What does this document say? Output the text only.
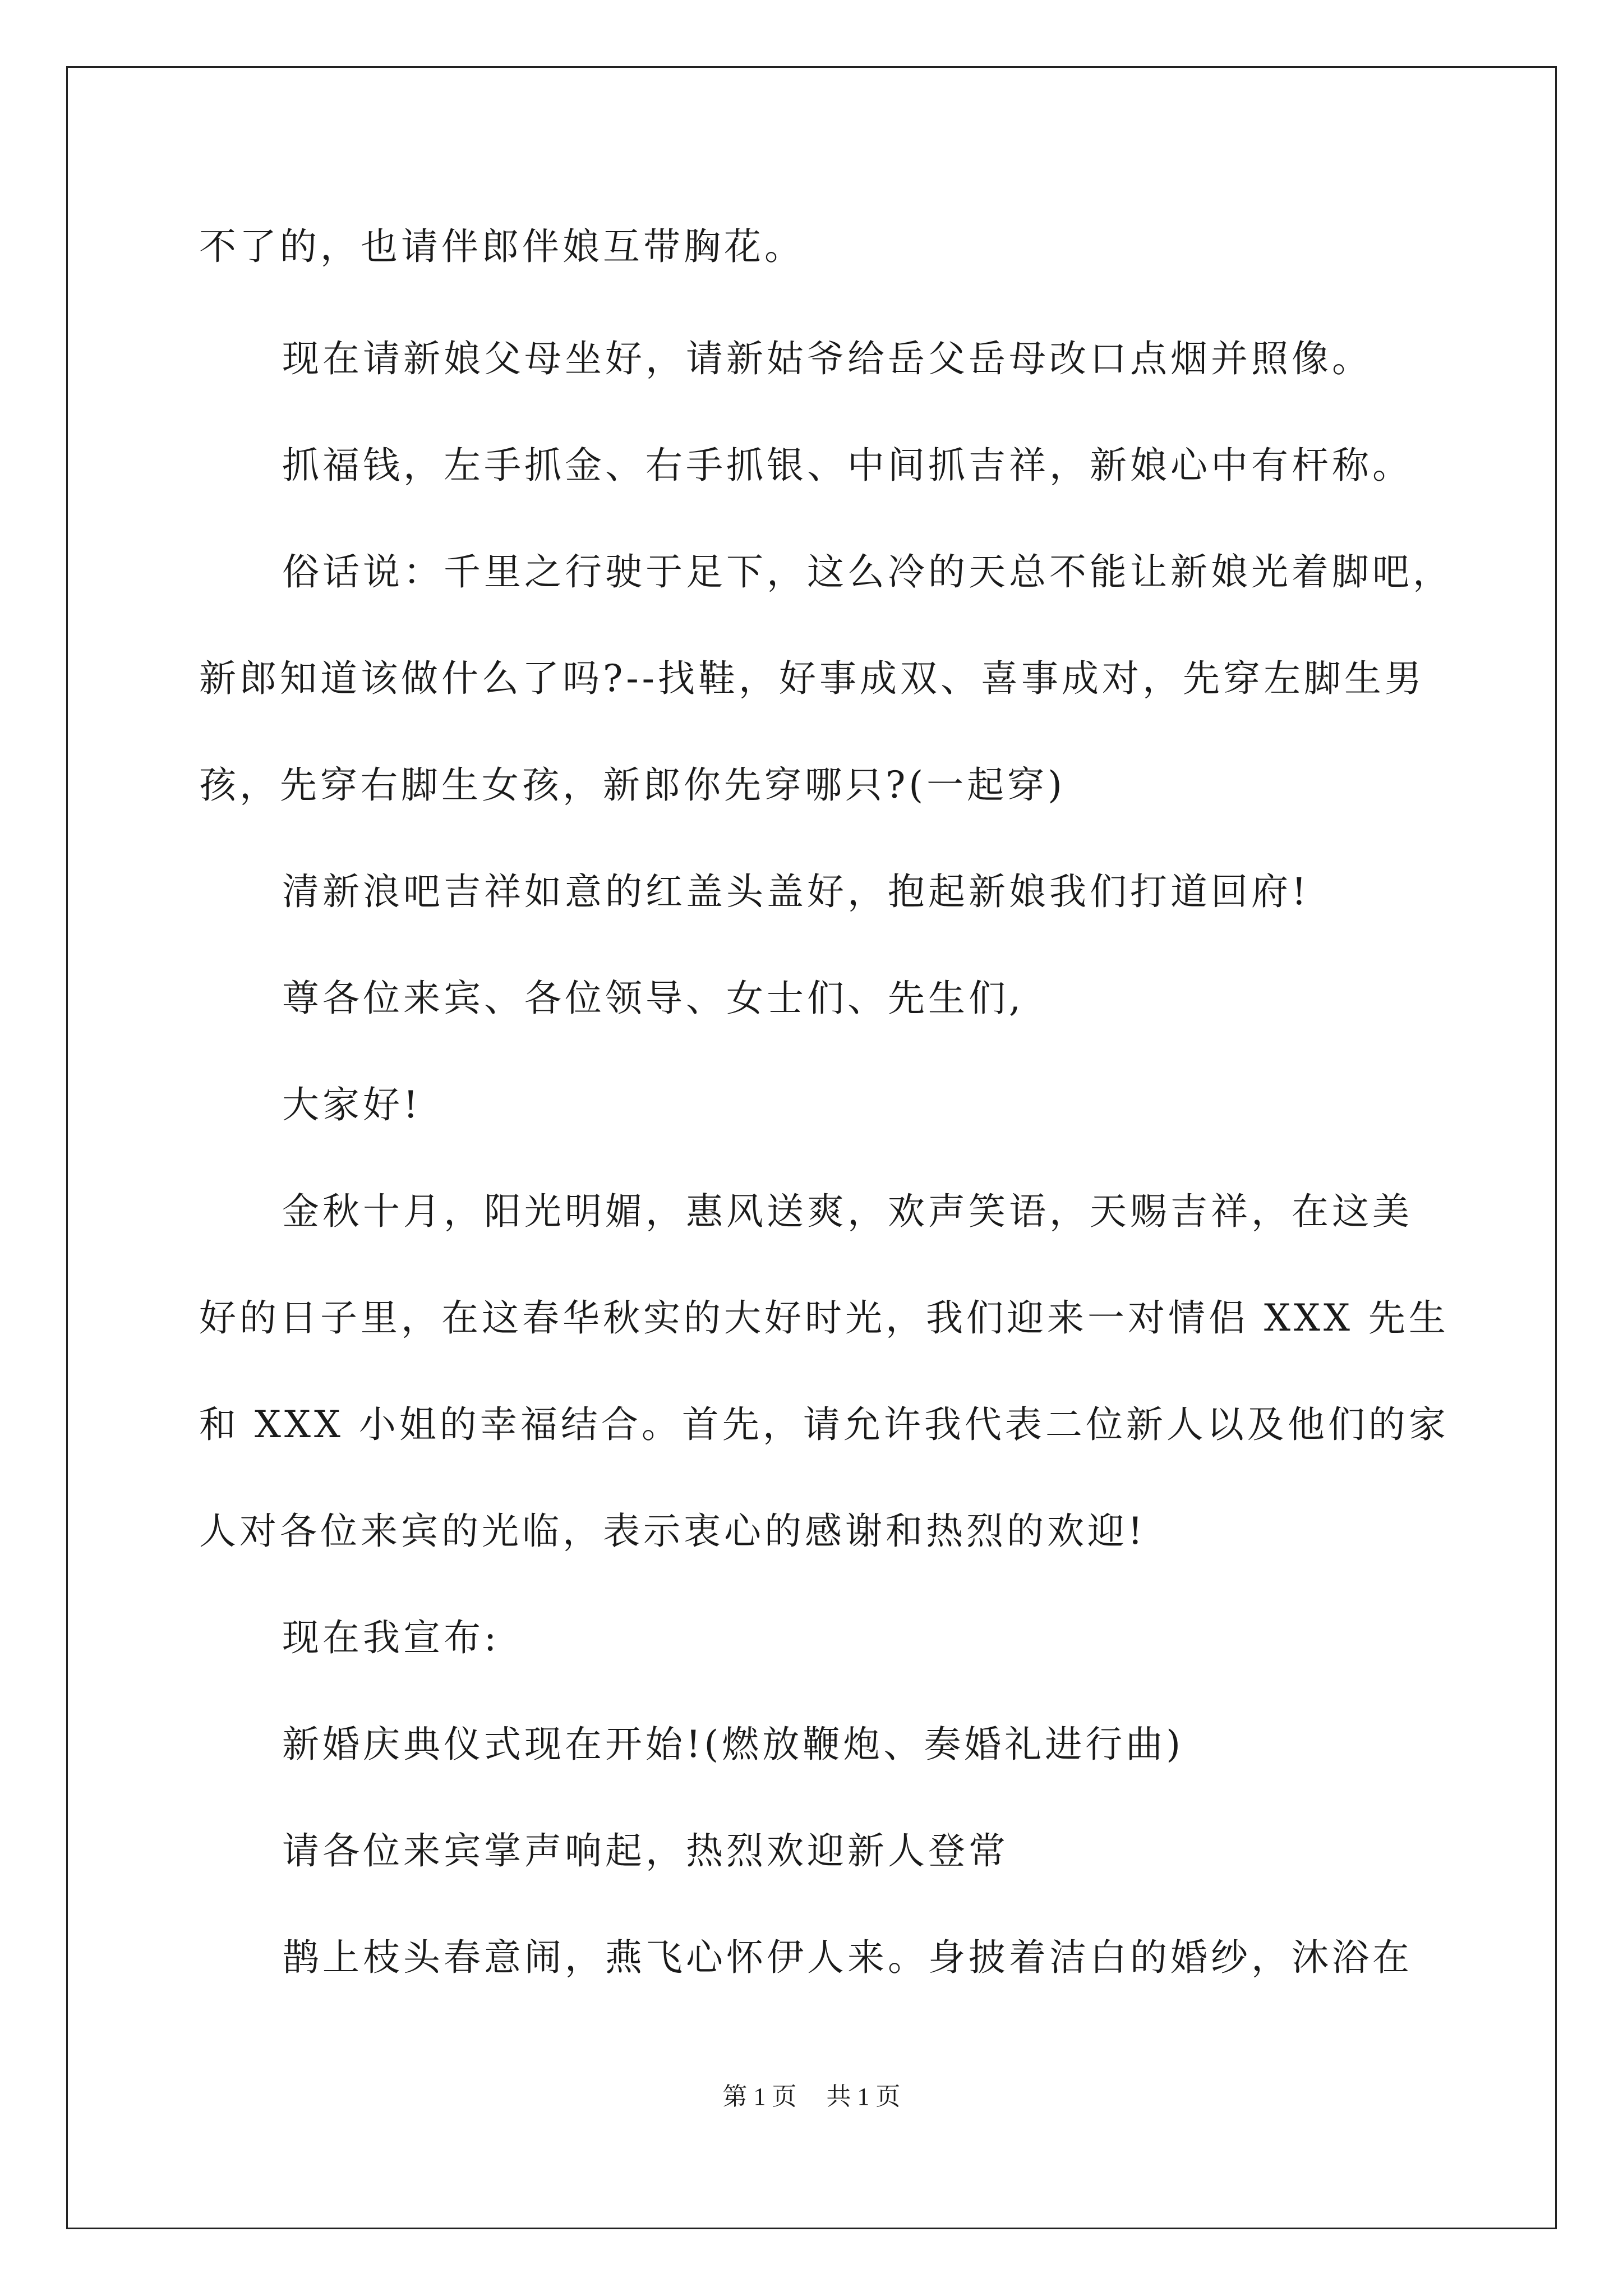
不了的，也请伴郎伴娘互带胸花。
现在请新娘父母坐好，请新姑爷给岳父岳母改口点烟并照像。
抓福钱，左手抓金、右手抓银、中间抓吉祥，新娘心中有杆称。
俗话说：千里之行驶于足下，这么冷的天总不能让新娘光着脚吧，
新郎知道该做什么了吗?--找鞋，好事成双、喜事成对，先穿左脚生男
孩，先穿右脚生女孩，新郎你先穿哪只?(一起穿)
清新浪吧吉祥如意的红盖头盖好，抱起新娘我们打道回府!
尊各位来宾、各位领导、女士们、先生们,
大家好!
金秋十月，阳光明媚，惠风送爽，欢声笑语，天赐吉祥，在这美
好的日子里，在这春华秋实的大好时光，我们迎来一对情侣 XXX 先生
和 XXX 小姐的幸福结合。首先，请允许我代表二位新人以及他们的家
人对各位来宾的光临，表示衷心的感谢和热烈的欢迎!
现在我宣布:
新婚庆典仪式现在开始!(燃放鞭炮、奏婚礼进行曲)
请各位来宾掌声响起，热烈欢迎新人登常
鹊上枝头春意闹，燕飞心怀伊人来。身披着洁白的婚纱，沐浴在
第 1 页 共 1 页
